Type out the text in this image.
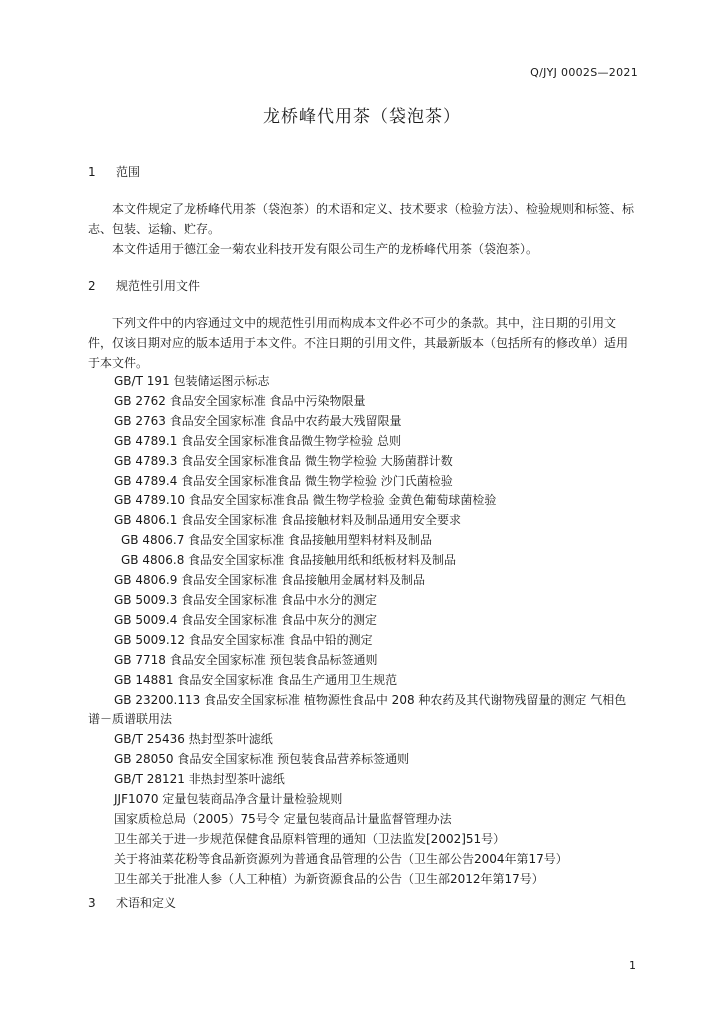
Q/JYJ 0002S—2021
龙桥峰代用茶（袋泡茶）
1 范围

本文件规定了龙桥峰代用茶（袋泡茶）的术语和定义、技术要求（检验方法）、检验规则和标签、标志、包装、运输、贮存。

本文件适用于德江金一菊农业科技开发有限公司生产的龙桥峰代用茶（袋泡茶）。

2 规范性引用文件

下列文件中的内容通过文中的规范性引用而构成本文件必不可少的条款。其中，注日期的引用文件，仅该日期对应的版本适用于本文件。不注日期的引用文件，其最新版本（包括所有的修改单）适用于本文件。

GB/T 191 包装储运图示标志
GB 2762 食品安全国家标准 食品中污染物限量
GB 2763 食品安全国家标准 食品中农药最大残留限量
GB 4789.1 食品安全国家标准食品微生物学检验 总则
GB 4789.3 食品安全国家标准食品 微生物学检验 大肠菌群计数
GB 4789.4 食品安全国家标准食品 微生物学检验 沙门氏菌检验
GB 4789.10 食品安全国家标准食品 微生物学检验 金黄色葡萄球菌检验
GB 4806.1 食品安全国家标准 食品接触材料及制品通用安全要求
GB 4806.7 食品安全国家标准 食品接触用塑料材料及制品
GB 4806.8 食品安全国家标准 食品接触用纸和纸板材料及制品
GB 4806.9 食品安全国家标准 食品接触用金属材料及制品
GB 5009.3 食品安全国家标准 食品中水分的测定
GB 5009.4 食品安全国家标准 食品中灰分的测定
GB 5009.12 食品安全国家标准 食品中铅的测定
GB 7718 食品安全国家标准 预包装食品标签通则
GB 14881 食品安全国家标准 食品生产通用卫生规范
GB 23200.113 食品安全国家标准 植物源性食品中 208 种农药及其代谢物残留量的测定 气相色谱－质谱联用法
GB/T 25436 热封型茶叶滤纸
GB 28050 食品安全国家标准 预包装食品营养标签通则
GB/T 28121 非热封型茶叶滤纸
JJF1070 定量包装商品净含量计量检验规则
国家质检总局（2005）75号令 定量包装商品计量监督管理办法
卫生部关于进一步规范保健食品原料管理的通知（卫法监发[2002]51号）
关于将油菜花粉等食品新资源列为普通食品管理的公告（卫生部公告2004年第17号）
卫生部关于批准人参（人工种植）为新资源食品的公告（卫生部2012年第17号）
3 术语和定义
1
